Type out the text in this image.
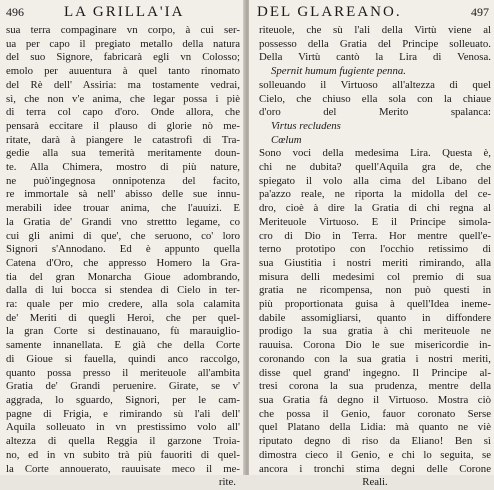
496	LA GRILLA'IA
sua terra compaginare vn corpo, à cui ser-
ua per capo il pregiato metallo della natura
del suo Signore, fabricarà egli vn Colosso;
emolo per auuentura à quel tanto rinomato
del Rè dell' Assiria: ma tostamente vedrai,
sì, che non v'e anima, che legar possa i piè
di terra col capo d'oro. Onde allora, che
pensarà eccitare il plauso di glorie nò me-
ritate, darà à piangere le catastrofi di Tra-
gedie alla sua temerità meritamente doun-
te. Alla Chimera, mostro di più nature,
ne può'ingegnosa onnipotenza del facito,
re immortale sà nell' abisso delle sue innu-
merabili idee trouar anima, che l'auuizi. E
la Gratia de' Grandi vno strettto legame, co
cui gli animi di que', che seruono, co' loro
Signori s'Annodano. Ed è appunto quella
Catena d'Oro, che appresso Homero la Gra-
tia del gran Monarcha Gioue adombrando,
dalla di lui bocca si stendea di Cielo in ter-
ra: quale per mio credere, alla sola calamita
de' Meriti di quegli Heroi, che per quel-
la gran Corte si destinauano, fù marauiglio-
samente innanellata. E già che della Corte
di Gioue si fauella, quindi anco raccolgo,
quanto possa presso il meriteuole all'ambita
Gratia de' Grandi peruenire. Girate, se v'
aggrada, lo sguardo, Signori, per le cam-
pagne di Frigia, e rimirando sù l'ali dell'
Aquila solleuato in vn prestissimo volo all'
altezza di quella Reggia il garzone Troia-
no, ed in vn subito trà più fauoriti di quel-
la Corte annouerato, rauuisate meco il me-
rite.
DEL GLAREANO.	497
riteuole, che sù l'ali della Virtù viene al
possesso della Gratia del Principe solleuato.
Della Virtù cantò la Lira di Venosa.
Spernit humum fugiente penna.
solleuando il Virtuoso all'altezza di quel
Cielo, che chiuso ella sola con la chiaue
d'oro del Merito spalanca:
Virtus recludens
Cœlum
Sono voci della medesima Lira. Questa è,
chi ne dubita? quell'Aquila gra de, che
spiegato il volo alla cima del Libano del
pa'azzo reale, ne riporta la midolla del ce-
dro, cioè à dire la Gratia di chi regna al
Meriteuole Virtuoso. E il Principe simola-
cro di Dio in Terra. Hor mentre quell'e-
terno prototipo con l'occhio retissimo di
sua Giustitia i nostri meriti rimirando, alla
misura delli medesimi col premio di sua
gratia ne ricompensa, non può questi in
più proportionata guisa à quell'Idea ineme-
dabile assomigliarsi, quanto in diffondere
prodigo la sua gratia à chi meriteuole ne
rauuisa. Corona Dio le sue misericordie in-
coronando con la sua gratia i nostri meriti,
disse quel grand' ingegno. Il Principe al-
tresi corona la sua prudenza, mentre della
sua Gratia fà degno il Virtuoso. Mostra ciò
che possa il Genio, fauor coronato Serse
quel Platano della Lidia: mà quanto ne viè
riputato degno di riso da Eliano! Ben sì
dimostra cieco il Genio, e chi lo seguita, se
ancora i tronchi stima degni delle Corone
Reali.
